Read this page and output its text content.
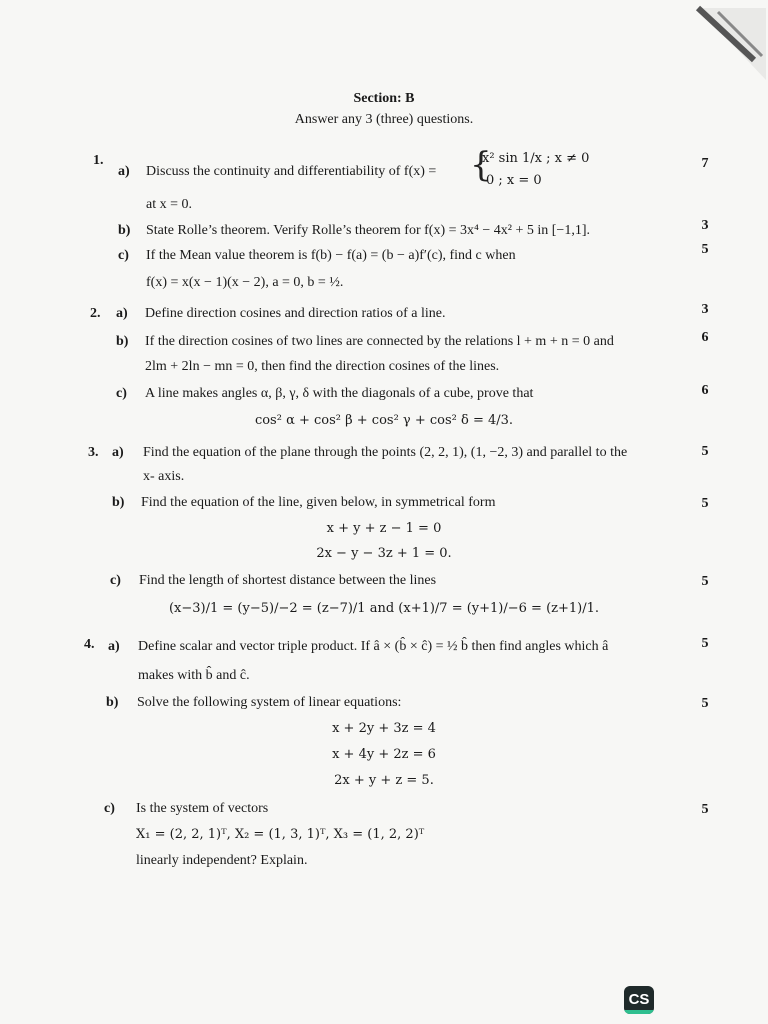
Section: B
Answer any 3 (three) questions.
1.
a) Discuss the continuity and differentiability of f(x) = {
x² sin 1/x ; x ≠ 0
0 ; x = 0
7
at x = 0.
b) State Rolle’s theorem. Verify Rolle’s theorem for f(x) = 3x⁴ − 4x² + 5 in [−1,1].	3
c) If the Mean value theorem is f(b) − f(a) = (b − a)f′(c), find c when	5
f(x) = x(x − 1)(x − 2), a = 0, b = ½.
2. a) Define direction cosines and direction ratios of a line.	3
b) If the direction cosines of two lines are connected by the relations l + m + n = 0 and	6
2lm + 2ln − mn = 0, then find the direction cosines of the lines.
c) A line makes angles α, β, γ, δ with the diagonals of a cube, prove that	6
cos² α + cos² β + cos² γ + cos² δ = 4/3.
3. a) Find the equation of the plane through the points (2, 2, 1), (1, −2, 3) and parallel to the	5
x- axis.
b) Find the equation of the line, given below, in symmetrical form	5
x + y + z − 1 = 0
2x − y − 3z + 1 = 0.
c) Find the length of shortest distance between the lines	5
(x−3)/1 = (y−5)/−2 = (z−7)/1 and (x+1)/7 = (y+1)/−6 = (z+1)/1.
4. a) Define scalar and vector triple product. If â × (b̂ × ĉ) = ½ b̂ then find angles which â	5
makes with b̂ and ĉ.
b) Solve the following system of linear equations:	5
x + 2y + 3z = 4
x + 4y + 2z = 6
2x + y + z = 5.
c) Is the system of vectors	5
X₁ = (2, 2, 1)ᵀ, X₂ = (1, 3, 1)ᵀ, X₃ = (1, 2, 2)ᵀ
linearly independent? Explain.
CS
